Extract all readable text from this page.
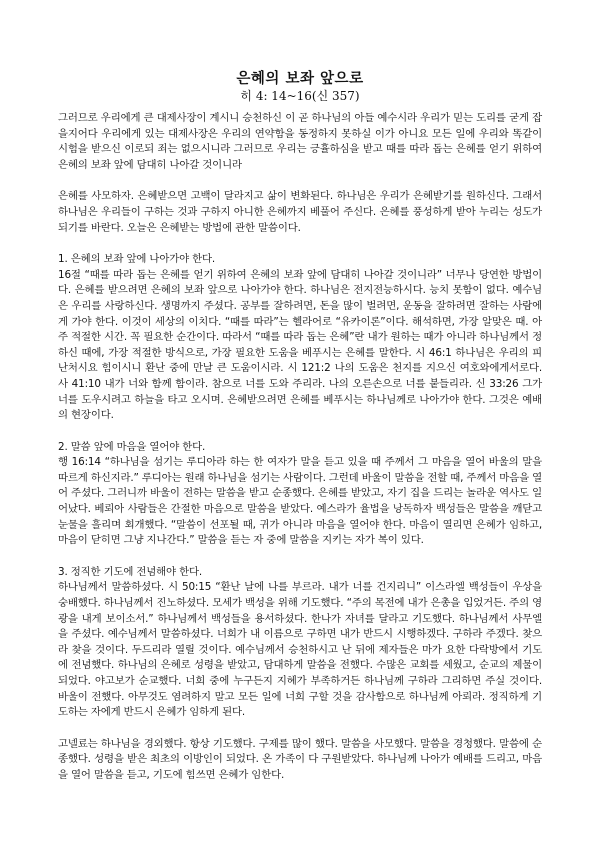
은혜의 보좌 앞으로

히 4: 14~16(신 357)

그러므로 우리에게 큰 대제사장이 계시니 승천하신 이 곧 하나님의 아들 예수시라 우리가 믿는 도리를 굳게 잡을지어다 우리에게 있는 대제사장은 우리의 연약함을 동정하지 못하실 이가 아니요 모든 일에 우리와 똑같이 시험을 받으신 이로되 죄는 없으시니라 그러므로 우리는 긍휼하심을 받고 때를 따라 돕는 은혜를 얻기 위하여 은혜의 보좌 앞에 담대히 나아갈 것이니라

은혜를 사모하자. 은혜받으면 고백이 달라지고 삶이 변화된다. 하나님은 우리가 은혜받기를 원하신다. 그래서 하나님은 우리들이 구하는 것과 구하지 아니한 은혜까지 베풀어 주신다. 은혜를 풍성하게 받아 누리는 성도가 되기를 바란다. 오늘은 은혜받는 방법에 관한 말씀이다.

1. 은혜의 보좌 앞에 나아가야 한다.

16절 “때를 따라 돕는 은혜를 얻기 위하여 은혜의 보좌 앞에 담대히 나아갈 것이니라” 너무나 당연한 방법이다. 은혜를 받으려면 은혜의 보좌 앞으로 나아가야 한다. 하나님은 전지전능하시다. 능치 못함이 없다. 예수님은 우리를 사랑하신다. 생명까지 주셨다. 공부를 잘하려면, 돈을 많이 벌려면, 운동을 잘하려면 잘하는 사람에게 가야 한다. 이것이 세상의 이치다. “때를 따라”는 헬라어로 “유카이론”이다. 해석하면, 가장 알맞은 때. 아주 적절한 시간. 꼭 필요한 순간이다. 따라서 “때를 따라 돕는 은혜”란 내가 원하는 때가 아니라 하나님께서 정하신 때에, 가장 적절한 방식으로, 가장 필요한 도움을 베푸시는 은혜를 말한다. 시 46:1 하나님은 우리의 피난처시요 힘이시니 환난 중에 만날 큰 도움이시라. 시 121:2 나의 도움은 천지를 지으신 여호와에게서로다. 사 41:10 내가 너와 함께 함이라. 참으로 너를 도와 주리라. 나의 오른손으로 너를 붙들리라. 신 33:26 그가 너를 도우시려고 하늘을 타고 오시며. 은혜받으려면 은혜를 베푸시는 하나님께로 나아가야 한다. 그것은 예배의 현장이다.

2. 말씀 앞에 마음을 열어야 한다.

행 16:14 “하나님을 섬기는 루디아라 하는 한 여자가 말을 듣고 있을 때 주께서 그 마음을 열어 바울의 말을 따르게 하신지라.” 루디아는 원래 하나님을 섬기는 사람이다. 그런데 바울이 말씀을 전할 때, 주께서 마음을 열어 주셨다. 그러니까 바울이 전하는 말씀을 받고 순종했다. 은혜를 받았고, 자기 집을 드리는 놀라운 역사도 일어났다. 베뢰아 사람들은 간절한 마음으로 말씀을 받았다. 예스라가 율법을 낭독하자 백성들은 말씀을 깨닫고 눈물을 흘리며 회개했다. “말씀이 선포될 때, 귀가 아니라 마음을 열어야 한다. 마음이 열리면 은혜가 임하고, 마음이 닫히면 그냥 지나간다.” 말씀을 듣는 자 중에 말씀을 지키는 자가 복이 있다.

3. 정직한 기도에 전념해야 한다.

하나님께서 말씀하셨다. 시 50:15 “환난 날에 나를 부르라. 내가 너를 건지리니” 이스라엘 백성들이 우상을 숭배했다. 하나님께서 진노하셨다. 모세가 백성을 위해 기도했다. “주의 목전에 내가 은총을 입었거든. 주의 영광을 내게 보이소서.” 하나님께서 백성들을 용서하셨다. 한나가 자녀를 달라고 기도했다. 하나님께서 사무엘을 주셨다. 예수님께서 말씀하셨다. 너희가 내 이름으로 구하면 내가 반드시 시행하겠다. 구하라 주겠다. 찾으라 찾을 것이다. 두드리라 열릴 것이다. 예수님께서 승천하시고 난 뒤에 제자들은 마가 요한 다락방에서 기도에 전념했다. 하나님의 은혜로 성령을 받았고, 담대하게 말씀을 전했다. 수많은 교회를 세웠고, 순교의 제물이 되었다. 야고보가 순교했다. 너희 중에 누구든지 지혜가 부족하거든 하나님께 구하라 그리하면 주실 것이다. 바울이 전했다. 아무것도 염려하지 말고 모든 일에 너희 구할 것을 감사함으로 하나님께 아뢰라. 정직하게 기도하는 자에게 반드시 은혜가 임하게 된다.

고넬료는 하나님을 경외했다. 항상 기도했다. 구제를 많이 했다. 말씀을 사모했다. 말씀을 경청했다. 말씀에 순종했다. 성령을 받은 최초의 이방인이 되었다. 온 가족이 다 구원받았다. 하나님께 나아가 예배를 드리고, 마음을 열어 말씀을 듣고, 기도에 힘쓰면 은혜가 임한다.
